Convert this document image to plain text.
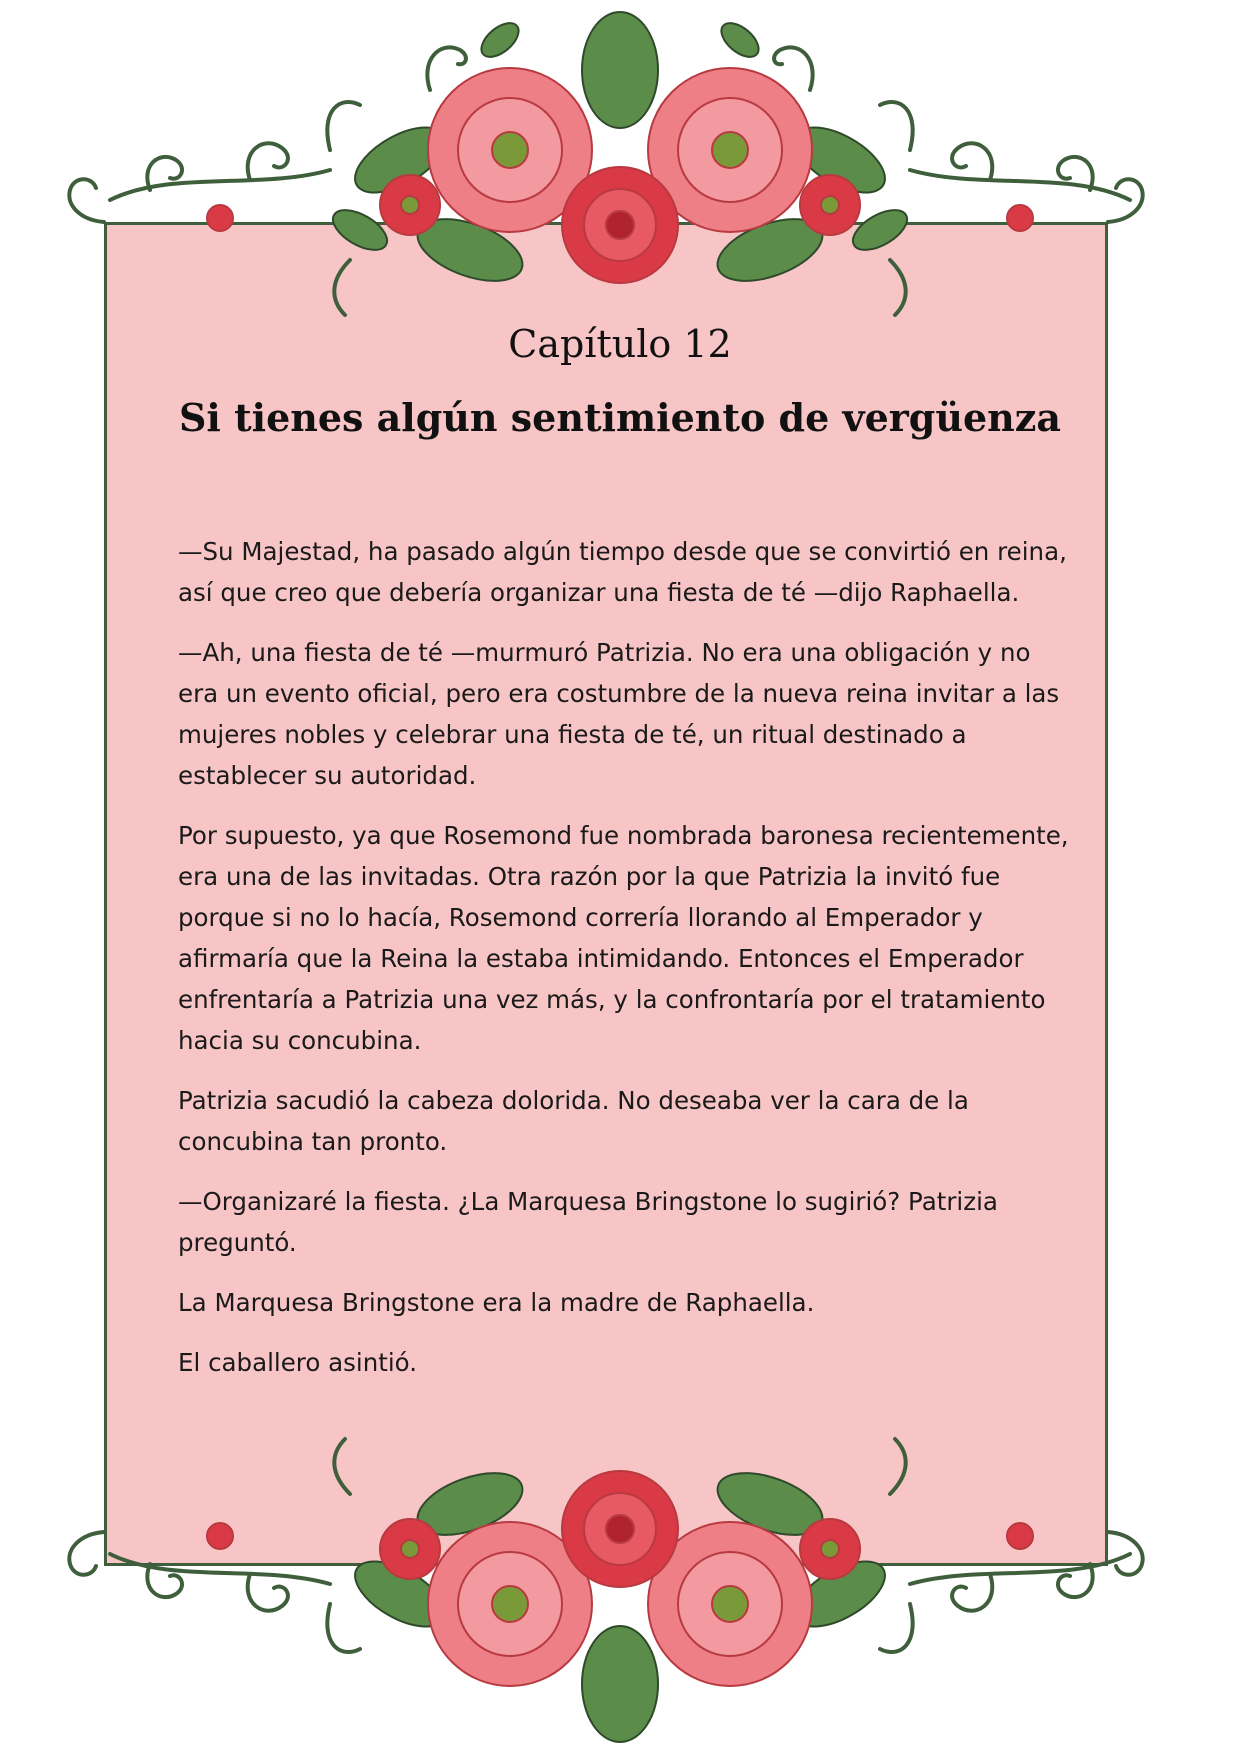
Capítulo 12
Si tienes algún sentimiento de vergüenza

—Su Majestad, ha pasado algún tiempo desde que se convirtió en reina, así que creo que debería organizar una fiesta de té —dijo Raphaella.

—Ah, una fiesta de té —murmuró Patrizia. No era una obligación y no era un evento oficial, pero era costumbre de la nueva reina invitar a las mujeres nobles y celebrar una fiesta de té, un ritual destinado a establecer su autoridad.

Por supuesto, ya que Rosemond fue nombrada baronesa recientemente, era una de las invitadas. Otra razón por la que Patrizia la invitó fue porque si no lo hacía, Rosemond correría llorando al Emperador y afirmaría que la Reina la estaba intimidando. Entonces el Emperador enfrentaría a Patrizia una vez más, y la confrontaría por el tratamiento hacia su concubina.

Patrizia sacudió la cabeza dolorida. No deseaba ver la cara de la concubina tan pronto.

—Organizaré la fiesta. ¿La Marquesa Bringstone lo sugirió? Patrizia preguntó.

La Marquesa Bringstone era la madre de Raphaella.

El caballero asintió.
